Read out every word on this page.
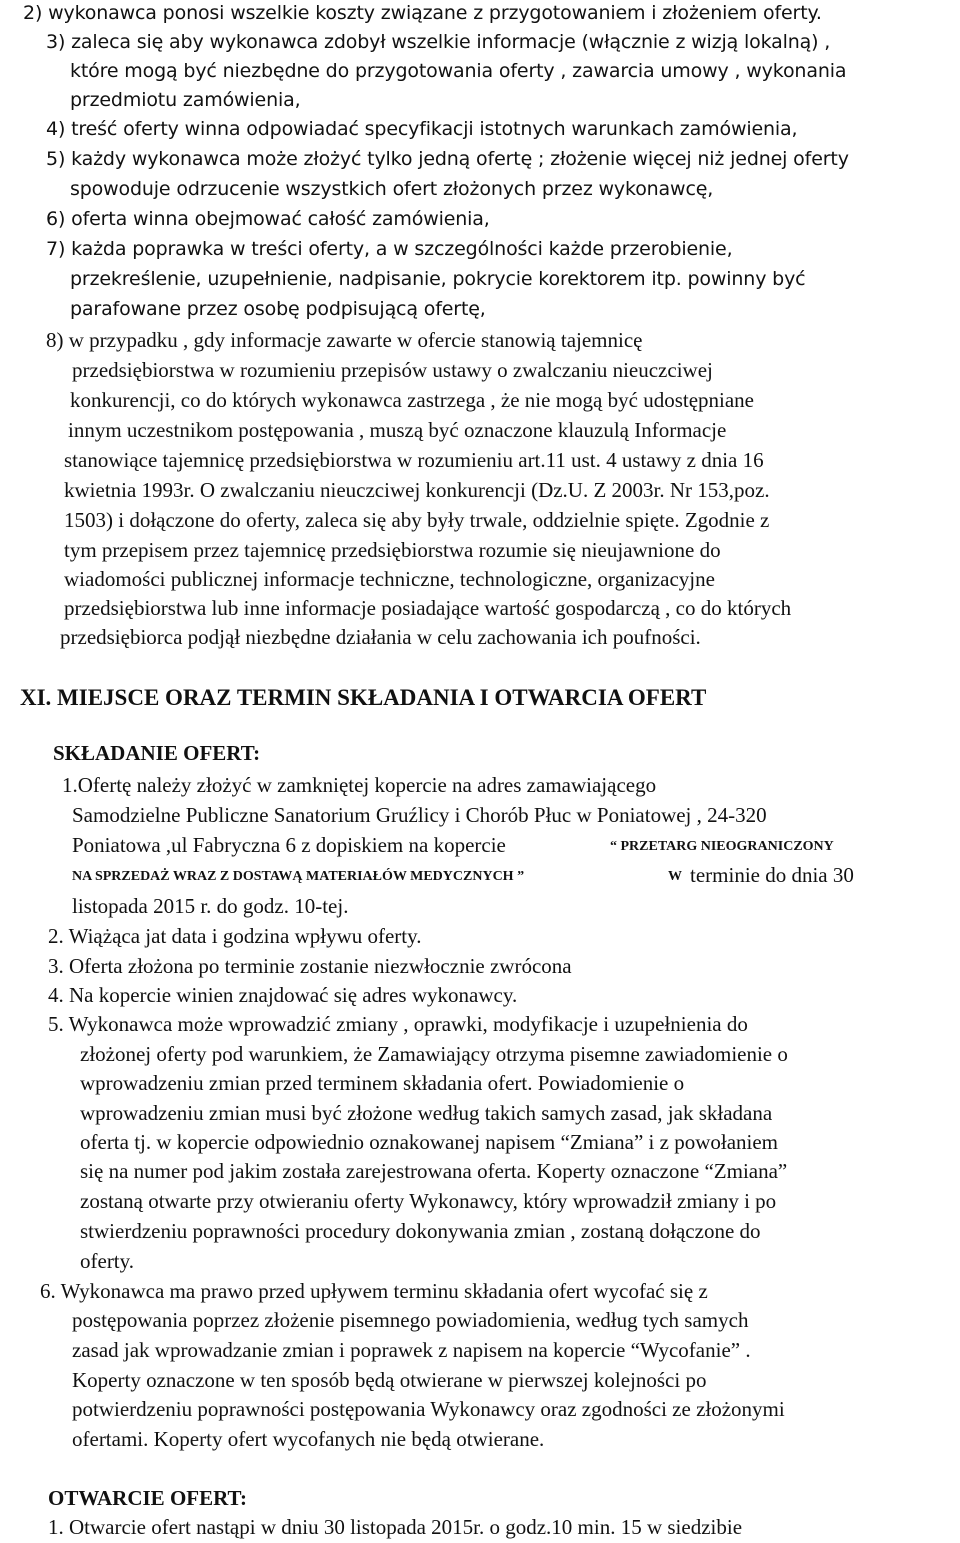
2) wykonawca ponosi wszelkie koszty związane z przygotowaniem i złożeniem oferty.
3) zaleca się aby wykonawca zdobył wszelkie informacje (włącznie z wizją lokalną) ,
które mogą być niezbędne do przygotowania oferty , zawarcia umowy , wykonania
przedmiotu zamówienia,
4) treść oferty winna odpowiadać specyfikacji istotnych warunkach zamówienia,
5) każdy wykonawca może złożyć tylko jedną ofertę ; złożenie więcej niż jednej oferty
spowoduje odrzucenie wszystkich ofert złożonych przez wykonawcę,
6) oferta winna obejmować całość zamówienia,
7) każda poprawka w treści oferty, a w szczególności każde przerobienie,
przekreślenie, uzupełnienie, nadpisanie, pokrycie korektorem itp. powinny być
parafowane przez osobę podpisującą ofertę,
8) w przypadku , gdy informacje zawarte w ofercie stanowią tajemnicę
przedsiębiorstwa w rozumieniu przepisów ustawy o zwalczaniu nieuczciwej
konkurencji, co do których wykonawca zastrzega , że nie mogą być udostępniane
innym uczestnikom postępowania , muszą być oznaczone klauzulą Informacje
stanowiące tajemnicę przedsiębiorstwa w rozumieniu art.11 ust. 4 ustawy z dnia 16
kwietnia 1993r. O zwalczaniu nieuczciwej konkurencji (Dz.U. Z 2003r. Nr 153,poz.
1503) i dołączone do oferty, zaleca się aby były trwale, oddzielnie spięte. Zgodnie z
tym przepisem przez tajemnicę przedsiębiorstwa rozumie się nieujawnione do
wiadomości publicznej informacje techniczne, technologiczne, organizacyjne
przedsiębiorstwa lub inne informacje posiadające wartość gospodarczą , co do których
przedsiębiorca podjął niezbędne działania w celu zachowania ich poufności.
XI. MIEJSCE ORAZ TERMIN SKŁADANIA I OTWARCIA OFERT
SKŁADANIE OFERT:
1.Ofertę należy złożyć w zamkniętej kopercie na adres zamawiającego
Samodzielne Publiczne Sanatorium Gruźlicy i Chorób Płuc w Poniatowej , 24-320
Poniatowa ,ul Fabryczna 6 z dopiskiem na kopercie	“ PRZETARG NIEOGRANICZONY
NA SPRZEDAŻ WRAZ Z DOSTAWĄ MATERIAŁÓW MEDYCZNYCH ”	W terminie do dnia 30
listopada 2015 r. do godz. 10-tej.
2. Wiążąca jat data i godzina wpływu oferty.
3. Oferta złożona po terminie zostanie niezwłocznie zwrócona
4. Na kopercie winien znajdować się adres wykonawcy.
5. Wykonawca może wprowadzić zmiany , oprawki, modyfikacje i uzupełnienia do
złożonej oferty pod warunkiem, że Zamawiający otrzyma pisemne zawiadomienie o
wprowadzeniu zmian przed terminem składania ofert. Powiadomienie o
wprowadzeniu zmian musi być złożone według takich samych zasad, jak składana
oferta tj. w kopercie odpowiednio oznakowanej napisem “Zmiana” i z powołaniem
się na numer pod jakim została zarejestrowana oferta. Koperty oznaczone “Zmiana”
zostaną otwarte przy otwieraniu oferty Wykonawcy, który wprowadził zmiany i po
stwierdzeniu poprawności procedury dokonywania zmian , zostaną dołączone do
oferty.
6. Wykonawca ma prawo przed upływem terminu składania ofert wycofać się z
postępowania poprzez złożenie pisemnego powiadomienia, według tych samych
zasad jak wprowadzanie zmian i poprawek z napisem na kopercie “Wycofanie” .
Koperty oznaczone w ten sposób będą otwierane w pierwszej kolejności po
potwierdzeniu poprawności postępowania Wykonawcy oraz zgodności ze złożonymi
ofertami. Koperty ofert wycofanych nie będą otwierane.
OTWARCIE OFERT:
1. Otwarcie ofert nastąpi w dniu 30 listopada 2015r. o godz.10 min. 15 w siedzibie
